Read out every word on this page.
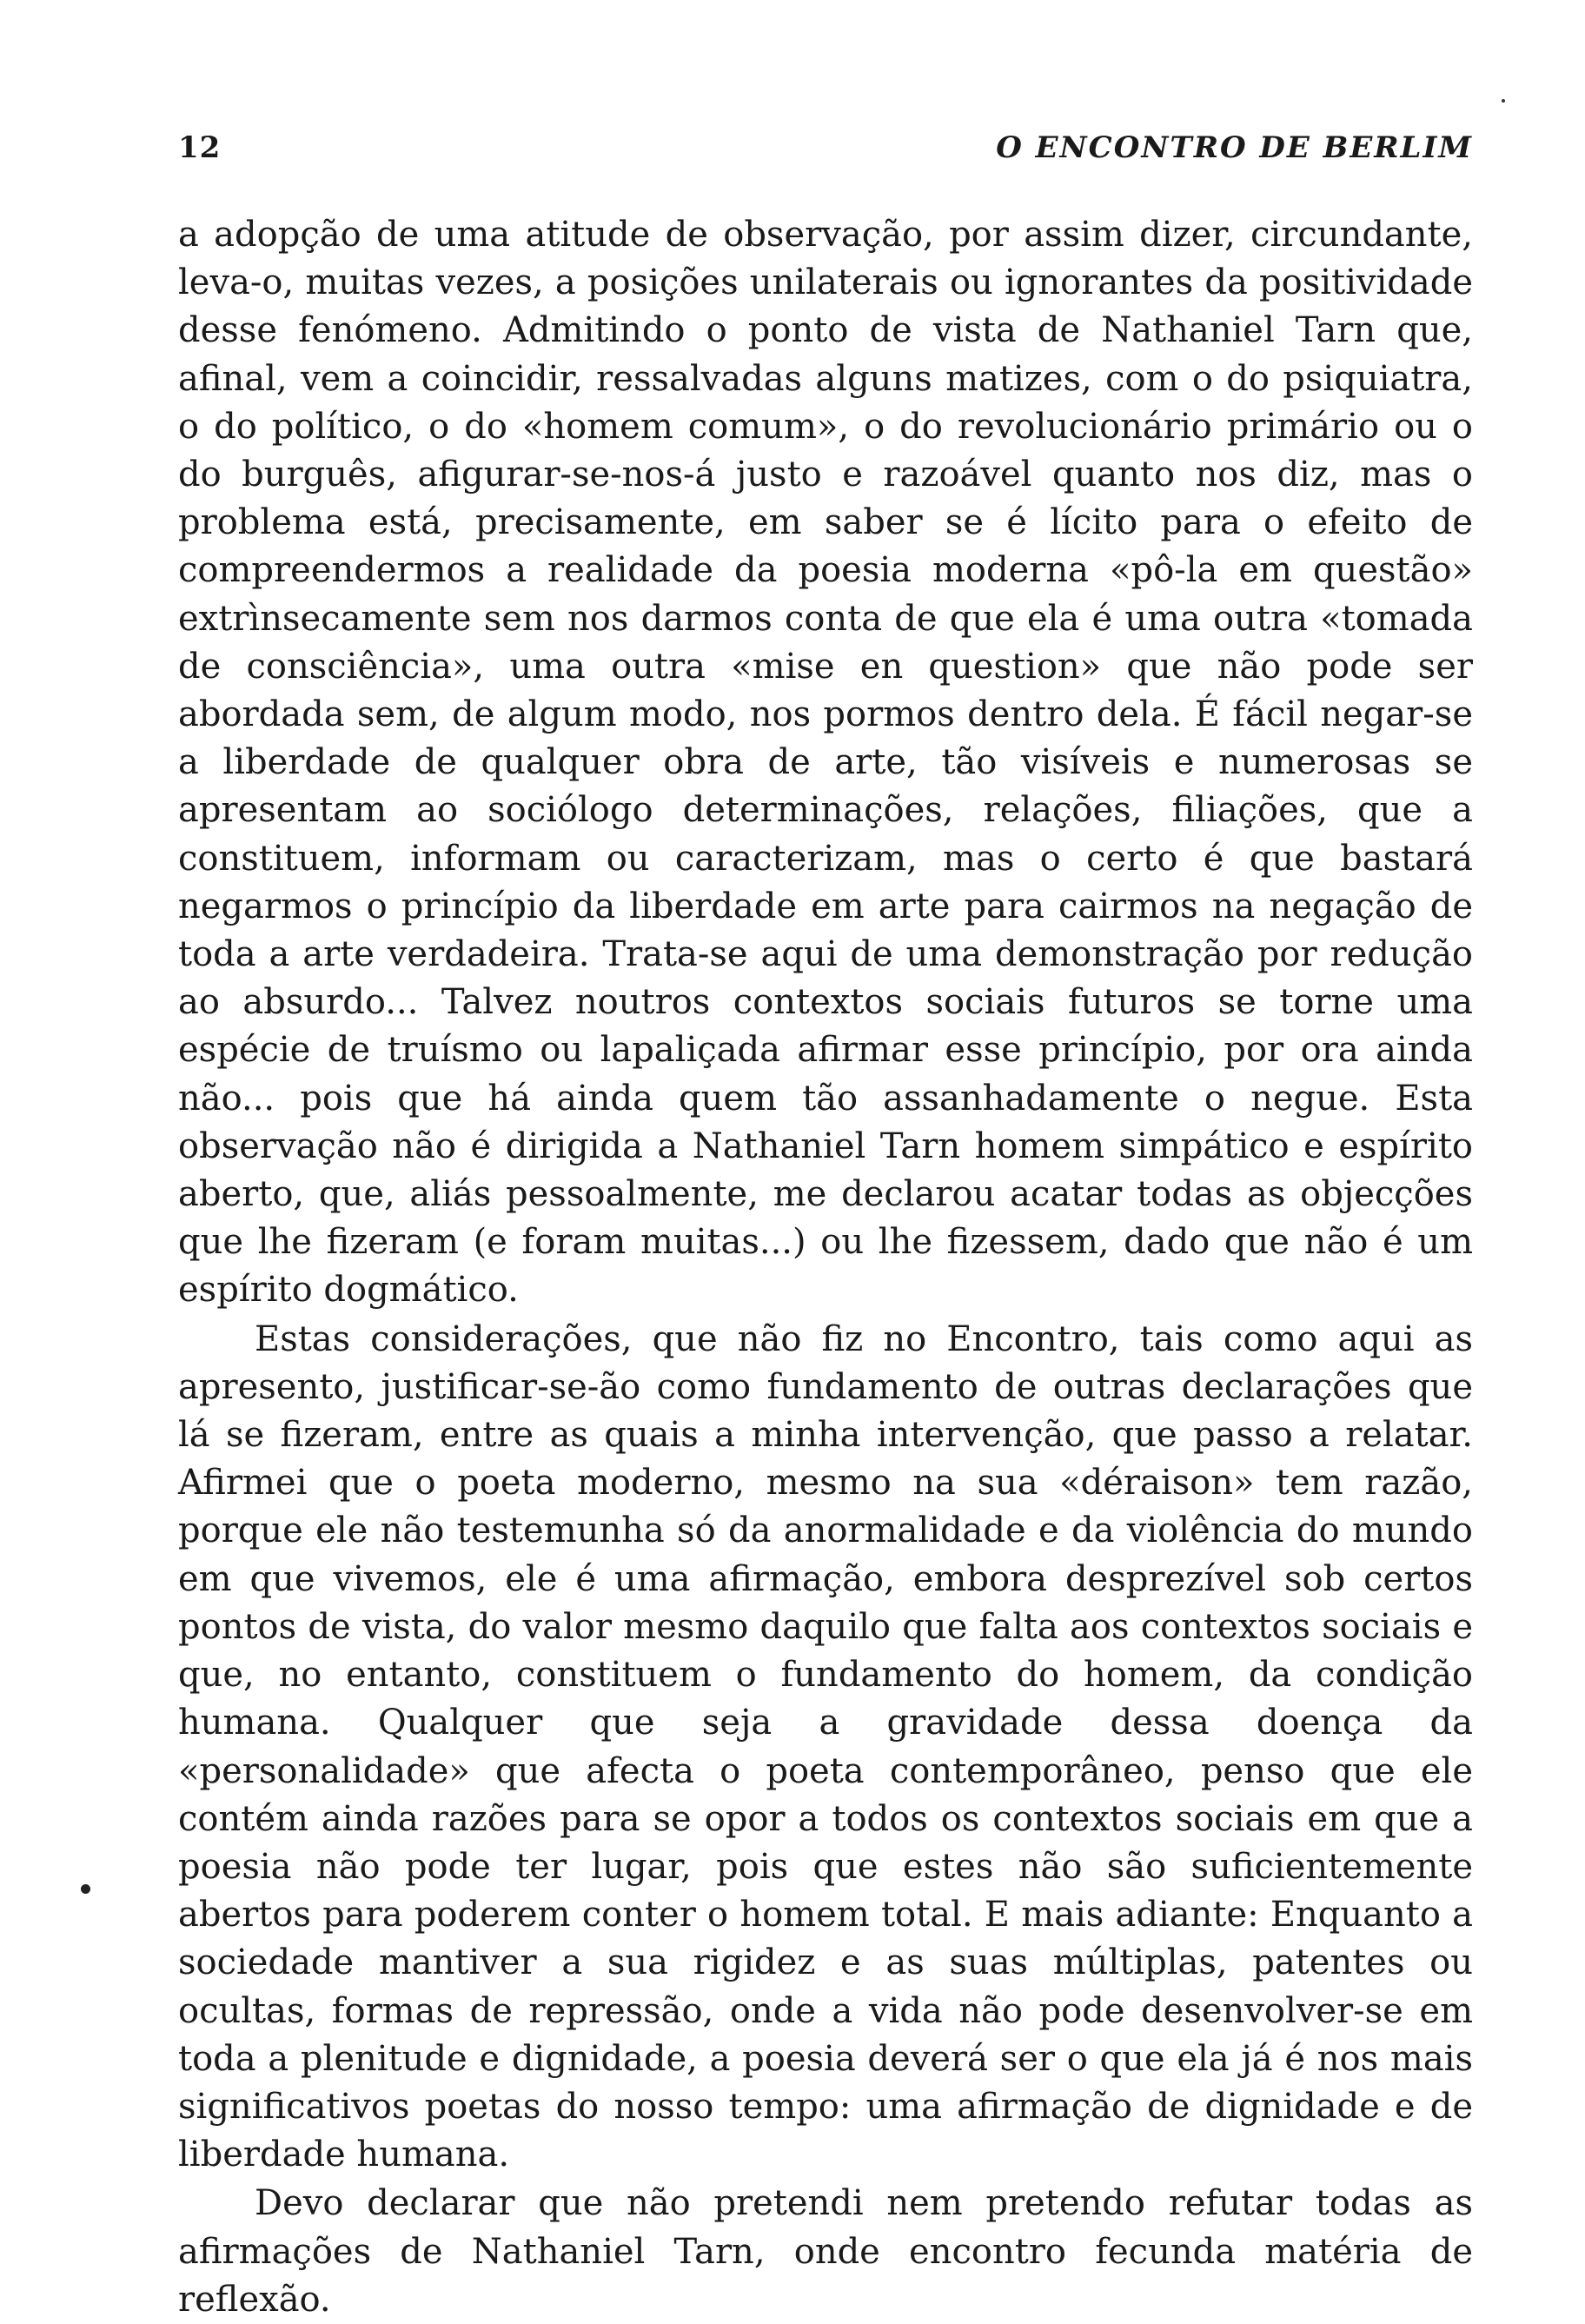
12	O ENCONTRO DE BERLIM

a adopção de uma atitude de observação, por assim dizer, circundante, leva-o, muitas vezes, a posições unilaterais ou ignorantes da positividade desse fenómeno. Admitindo o ponto de vista de Nathaniel Tarn que, afinal, vem a coincidir, ressalvadas alguns matizes, com o do psiquiatra, o do político, o do «homem comum», o do revolucionário primário ou o do burguês, afigurar-se-nos-á justo e razoável quanto nos diz, mas o problema está, precisamente, em saber se é lícito para o efeito de compreendermos a realidade da poesia moderna «pô-la em questão» extrìnsecamente sem nos darmos conta de que ela é uma outra «tomada de consciência», uma outra «mise en question» que não pode ser abordada sem, de algum modo, nos pormos dentro dela. É fácil negar-se a liberdade de qualquer obra de arte, tão visíveis e numerosas se apresentam ao sociólogo determinações, relações, filiações, que a constituem, informam ou caracterizam, mas o certo é que bastará negarmos o princípio da liberdade em arte para cairmos na negação de toda a arte verdadeira. Trata-se aqui de uma demonstração por redução ao absurdo... Talvez noutros contextos sociais futuros se torne uma espécie de truísmo ou lapaliçada afirmar esse princípio, por ora ainda não... pois que há ainda quem tão assanhadamente o negue. Esta observação não é dirigida a Nathaniel Tarn homem simpático e espírito aberto, que, aliás pessoalmente, me declarou acatar todas as objecções que lhe fizeram (e foram muitas...) ou lhe fizessem, dado que não é um espírito dogmático.

Estas considerações, que não fiz no Encontro, tais como aqui as apresento, justificar-se-ão como fundamento de outras declarações que lá se fizeram, entre as quais a minha intervenção, que passo a relatar. Afirmei que o poeta moderno, mesmo na sua «déraison» tem razão, porque ele não testemunha só da anormalidade e da violência do mundo em que vivemos, ele é uma afirmação, embora desprezível sob certos pontos de vista, do valor mesmo daquilo que falta aos contextos sociais e que, no entanto, constituem o fundamento do homem, da condição humana. Qualquer que seja a gravidade dessa doença da «personalidade» que afecta o poeta contemporâneo, penso que ele contém ainda razões para se opor a todos os contextos sociais em que a poesia não pode ter lugar, pois que estes não são suficientemente abertos para poderem conter o homem total. E mais adiante: Enquanto a sociedade mantiver a sua rigidez e as suas múltiplas, patentes ou ocultas, formas de repressão, onde a vida não pode desenvolver-se em toda a plenitude e dignidade, a poesia deverá ser o que ela já é nos mais significativos poetas do nosso tempo: uma afirmação de dignidade e de liberdade humana.

Devo declarar que não pretendi nem pretendo refutar todas as afirmações de Nathaniel Tarn, onde encontro fecunda matéria de reflexão.
